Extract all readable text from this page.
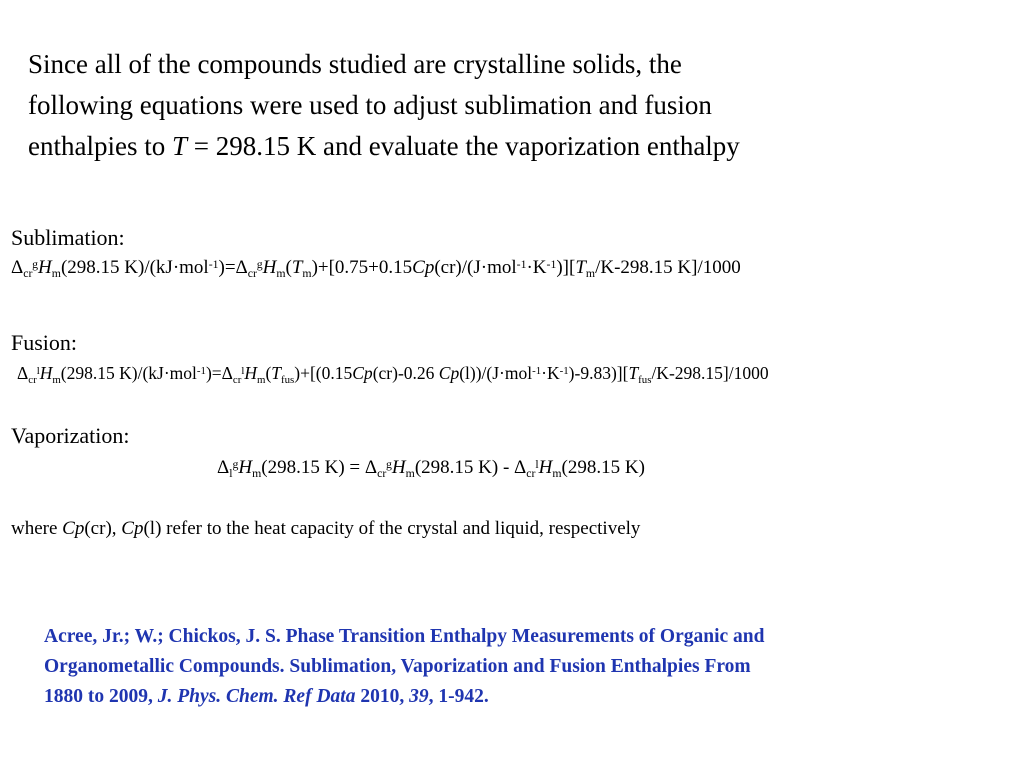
Since all of the compounds studied are crystalline solids, the
following equations were used to adjust sublimation and fusion
enthalpies to T = 298.15 K and evaluate the vaporization enthalpy
Sublimation:
$\Delta_{cr}^gH_m(298.15$ $K)/(kJ\cdot mol^{-1})=\Delta_{cr}^gH_m(T_m)+[0.75+0.15Cp(cr)/(J\cdot mol^{-1}\cdot K^{-1})][T_m/K-298.15$ K]/1000
Fusion:
$\Delta_{cr}^lH_m(298.15$ $K)/(kJ\cdot mol^{-1})=\Delta_{cr}^lH_m(T_{fus})+[(0.15Cp(cr)-0.26$ $Cp(l))/(J\cdot mol^{-1}\cdot K^{-1})-9.83)][T_{fus}/K-298.15]/1000$
Vaporization:
$\Delta_l^gH_m(298.15$ $K) = \Delta_{cr}^gH_m(298.15$ $K) - \Delta_{cr}^lH_m(298.15$ K)
where Cp(cr), Cp(l) refer to the heat capacity of the crystal and liquid, respectively
Acree, Jr.; W.; Chickos, J. S. Phase Transition Enthalpy Measurements of Organic and
Organometallic Compounds. Sublimation, Vaporization and Fusion Enthalpies From
1880 to 2009, J. Phys. Chem. Ref Data 2010, 39, 1-942.
